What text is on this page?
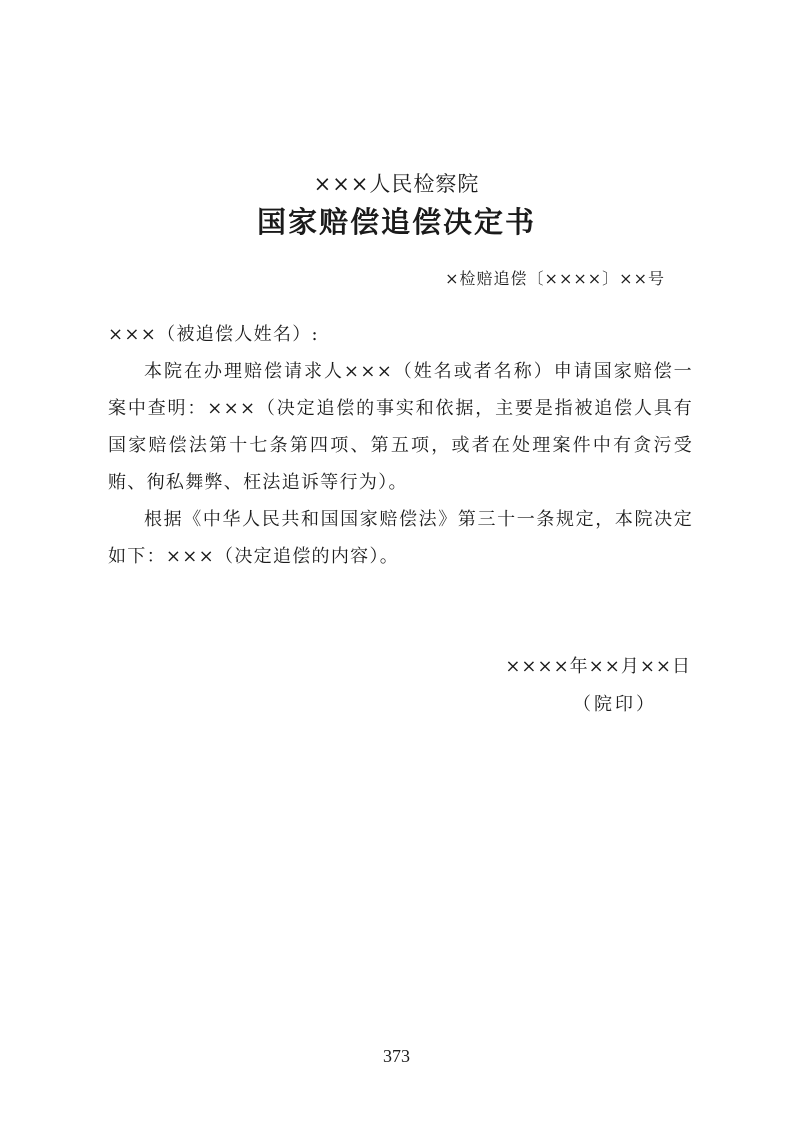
×××人民检察院
国家赔偿追偿决定书
×检赔追偿〔××××〕××号

×××（被追偿人姓名）:

本院在办理赔偿请求人×××（姓名或者名称）申请国家赔偿一案中查明：×××（决定追偿的事实和依据，主要是指被追偿人具有国家赔偿法第十七条第四项、第五项，或者在处理案件中有贪污受贿、徇私舞弊、枉法追诉等行为）。

根据《中华人民共和国国家赔偿法》第三十一条规定，本院决定如下：×××（决定追偿的内容）。

××××年××月××日
（院印）
373
